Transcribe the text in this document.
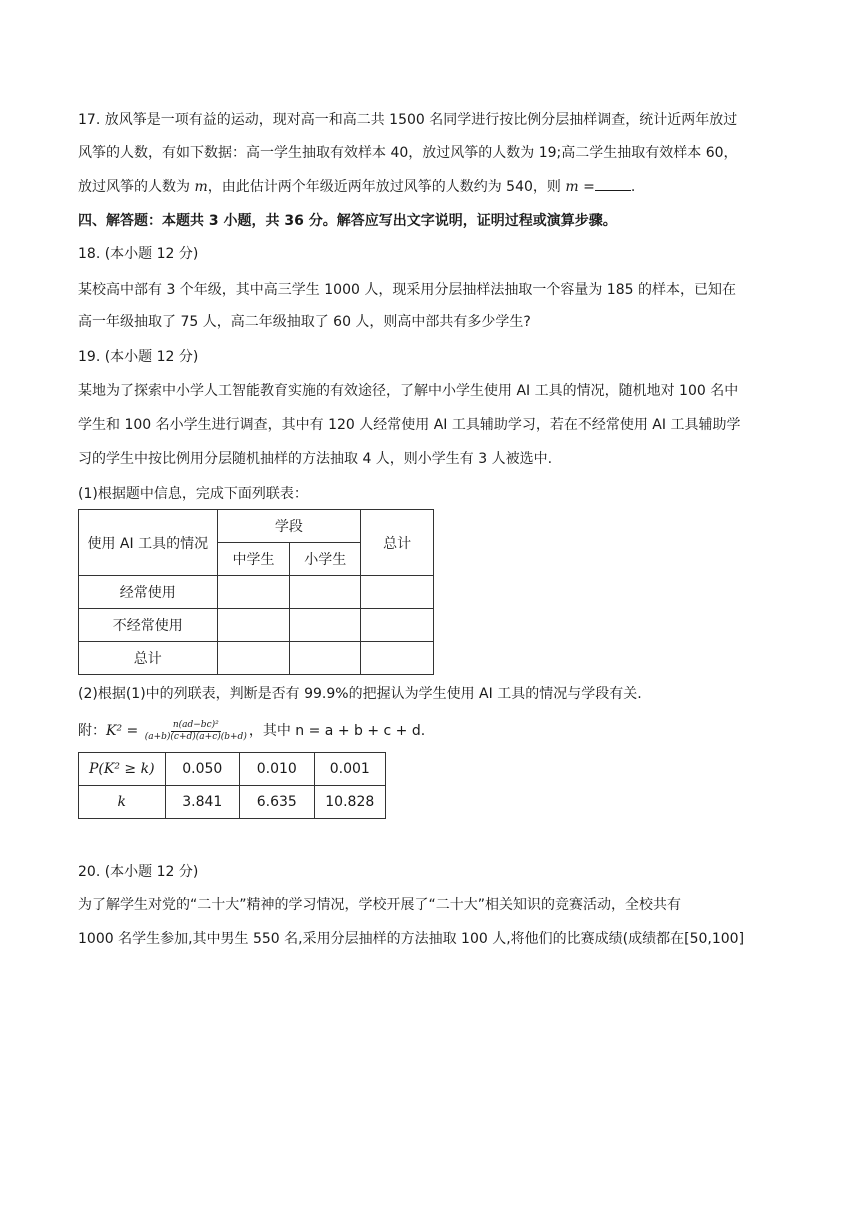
17. 放风筝是一项有益的运动，现对高一和高二共 1500 名同学进行按比例分层抽样调查，统计近两年放过
风筝的人数，有如下数据：高一学生抽取有效样本 40，放过风筝的人数为 19;高二学生抽取有效样本 60，
放过风筝的人数为 m，由此估计两个年级近两年放过风筝的人数约为 540，则 m =	.
四、解答题：本题共 3 小题，共 36 分。解答应写出文字说明，证明过程或演算步骤。
18. (本小题 12 分)
某校高中部有 3 个年级，其中高三学生 1000 人，现采用分层抽样法抽取一个容量为 185 的样本，已知在
高一年级抽取了 75 人，高二年级抽取了 60 人，则高中部共有多少学生?
19. (本小题 12 分)
某地为了探索中小学人工智能教育实施的有效途径，了解中小学生使用 AI 工具的情况，随机地对 100 名中
学生和 100 名小学生进行调查，其中有 120 人经常使用 AI 工具辅助学习，若在不经常使用 AI 工具辅助学
习的学生中按比例用分层随机抽样的方法抽取 4 人，则小学生有 3 人被选中.
(1)根据题中信息，完成下面列联表：
使用 AI 工具的情况	学段		总计
	中学生	小学生	
经常使用			
不经常使用			
总计			
(2)根据(1)中的列联表，判断是否有 99.9%的把握认为学生使用 AI 工具的情况与学段有关.
附：$K^2 = \frac{\text{n(ad−bc)²}}{(a+b)(c+d)(a+c)(b+d)}$ ，其中 n = a + b + c + d.
P(K² ≥ k)	0.050	0.010	0.001
k	3.841	6.635	10.828
20. (本小题 12 分)
为了解学生对党的“二十大”精神的学习情况，学校开展了“二十大”相关知识的竞赛活动，全校共有
1000 名学生参加,其中男生 550 名,采用分层抽样的方法抽取 100 人,将他们的比赛成绩(成绩都在[50,100]
